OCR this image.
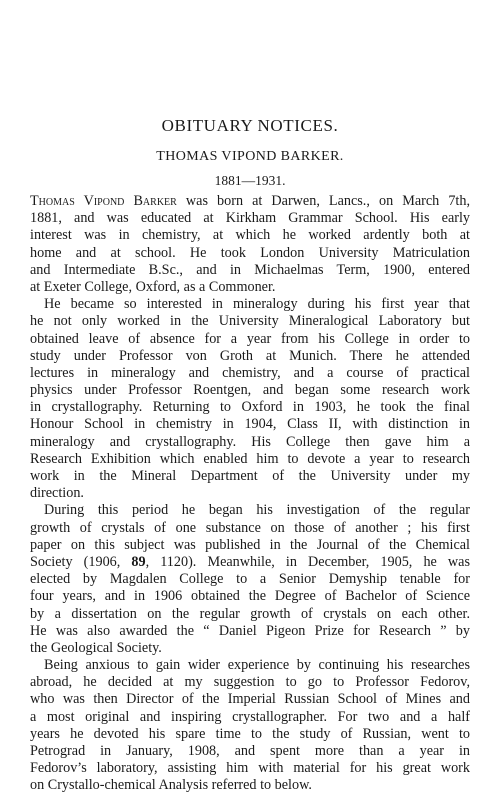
OBITUARY NOTICES.
THOMAS VIPOND BARKER.
1881—1931.
Thomas Vipond Barker was born at Darwen, Lancs., on March 7th,
1881, and was educated at Kirkham Grammar School. His early
interest was in chemistry, at which he worked ardently both at
home and at school. He took London University Matriculation
and Intermediate B.Sc., and in Michaelmas Term, 1900, entered
at Exeter College, Oxford, as a Commoner.
He became so interested in mineralogy during his first year that
he not only worked in the University Mineralogical Laboratory but
obtained leave of absence for a year from his College in order to
study under Professor von Groth at Munich. There he attended
lectures in mineralogy and chemistry, and a course of practical
physics under Professor Roentgen, and began some research work
in crystallography. Returning to Oxford in 1903, he took the final
Honour School in chemistry in 1904, Class II, with distinction in
mineralogy and crystallography. His College then gave him a
Research Exhibition which enabled him to devote a year to research
work in the Mineral Department of the University under my
direction.
During this period he began his investigation of the regular
growth of crystals of one substance on those of another ; his first
paper on this subject was published in the Journal of the Chemical
Society (1906, 89, 1120). Meanwhile, in December, 1905, he was
elected by Magdalen College to a Senior Demyship tenable for
four years, and in 1906 obtained the Degree of Bachelor of Science
by a dissertation on the regular growth of crystals on each other.
He was also awarded the “ Daniel Pigeon Prize for Research ” by
the Geological Society.
Being anxious to gain wider experience by continuing his researches
abroad, he decided at my suggestion to go to Professor Fedorov,
who was then Director of the Imperial Russian School of Mines and
a most original and inspiring crystallographer. For two and a half
years he devoted his spare time to the study of Russian, went to
Petrograd in January, 1908, and spent more than a year in
Fedorov’s laboratory, assisting him with material for his great work
on Crystallo-chemical Analysis referred to below.
